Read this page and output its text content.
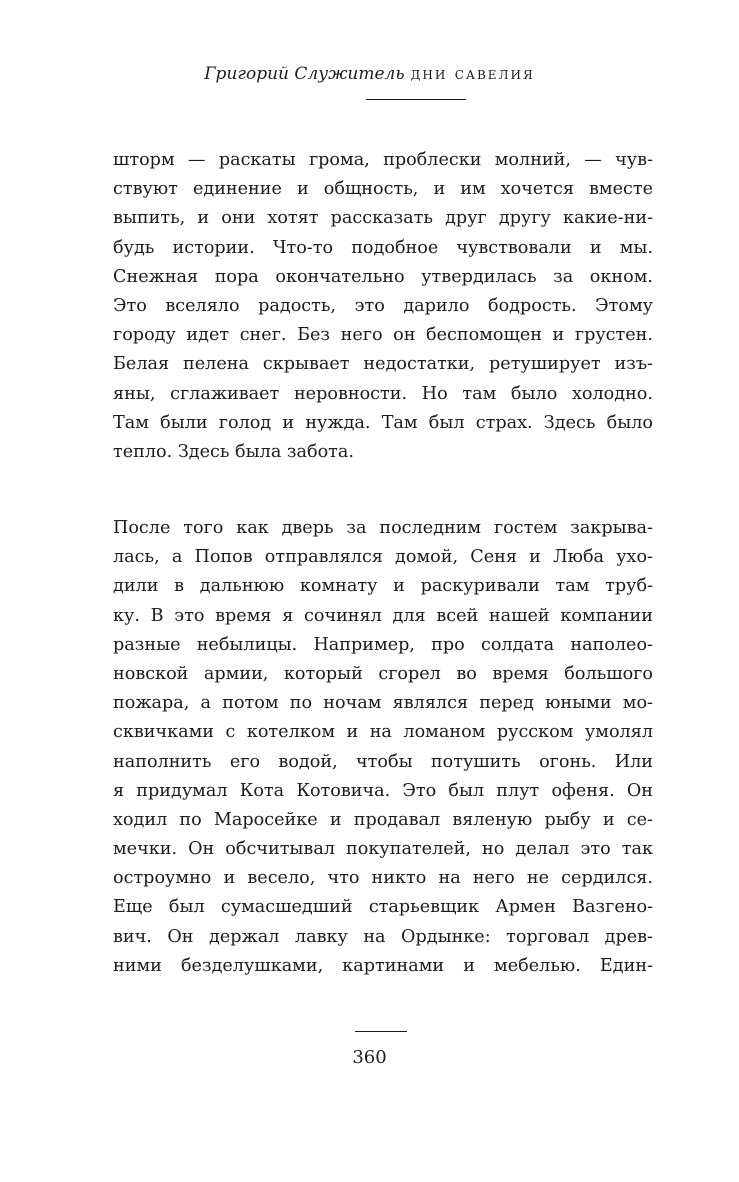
Григорий Служитель дни савелия
шторм — раскаты грома, проблески молний, — чув-
ствуют единение и общность, и им хочется вместе
выпить, и они хотят рассказать друг другу какие-ни-
будь истории. Что-то подобное чувствовали и мы.
Снежная пора окончательно утвердилась за окном.
Это вселяло радость, это дарило бодрость. Этому
городу идет снег. Без него он беспомощен и грустен.
Белая пелена скрывает недостатки, ретуширует изъ-
яны, сглаживает неровности. Но там было холодно.
Там были голод и нужда. Там был страх. Здесь было
тепло. Здесь была забота.
После того как дверь за последним гостем закрыва-
лась, а Попов отправлялся домой, Сеня и Люба ухо-
дили в дальнюю комнату и раскуривали там труб-
ку. В это время я сочинял для всей нашей компании
разные небылицы. Например, про солдата наполео-
новской армии, который сгорел во время большого
пожара, а потом по ночам являлся перед юными мо-
сквичками с котелком и на ломаном русском умолял
наполнить его водой, чтобы потушить огонь. Или
я придумал Кота Котовича. Это был плут офеня. Он
ходил по Маросейке и продавал вяленую рыбу и се-
мечки. Он обсчитывал покупателей, но делал это так
остроумно и весело, что никто на него не сердился.
Еще был сумасшедший старьевщик Армен Вазгено-
вич. Он держал лавку на Ордынке: торговал древ-
ними безделушками, картинами и мебелью. Един-
360
